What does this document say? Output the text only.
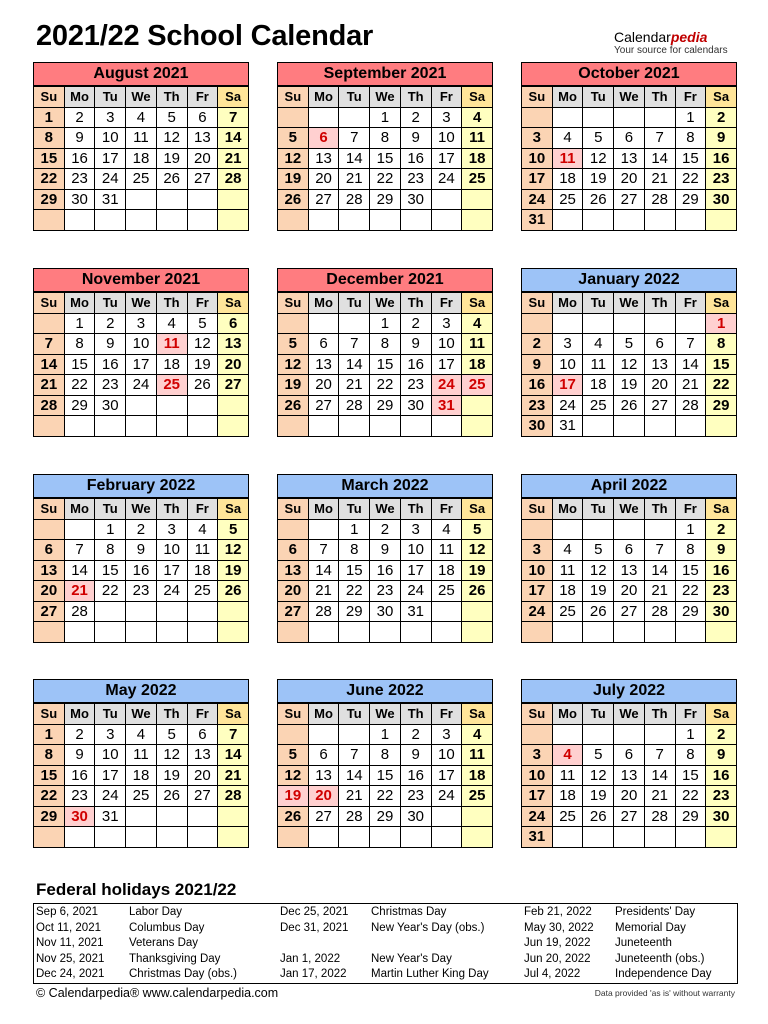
2021/22 School Calendar	Calendarpedia
Your source for calendars
August 2021
Su	Mo	Tu	We	Th	Fr	Sa
1	2	3	4	5	6	7
8	9	10	11	12	13	14
15	16	17	18	19	20	21
22	23	24	25	26	27	28
29	30	31				

September 2021
Su	Mo	Tu	We	Th	Fr	Sa
			1	2	3	4
5	6	7	8	9	10	11
12	13	14	15	16	17	18
19	20	21	22	23	24	25
26	27	28	29	30		

October 2021
Su	Mo	Tu	We	Th	Fr	Sa
					1	2
3	4	5	6	7	8	9
10	11	12	13	14	15	16
17	18	19	20	21	22	23
24	25	26	27	28	29	30
31						
November 2021
Su	Mo	Tu	We	Th	Fr	Sa
	1	2	3	4	5	6
7	8	9	10	11	12	13
14	15	16	17	18	19	20
21	22	23	24	25	26	27
28	29	30				

December 2021
Su	Mo	Tu	We	Th	Fr	Sa
			1	2	3	4
5	6	7	8	9	10	11
12	13	14	15	16	17	18
19	20	21	22	23	24	25
26	27	28	29	30	31	

January 2022
Su	Mo	Tu	We	Th	Fr	Sa
						1
2	3	4	5	6	7	8
9	10	11	12	13	14	15
16	17	18	19	20	21	22
23	24	25	26	27	28	29
30	31					
February 2022
Su	Mo	Tu	We	Th	Fr	Sa
		1	2	3	4	5
6	7	8	9	10	11	12
13	14	15	16	17	18	19
20	21	22	23	24	25	26
27	28					

March 2022
Su	Mo	Tu	We	Th	Fr	Sa
		1	2	3	4	5
6	7	8	9	10	11	12
13	14	15	16	17	18	19
20	21	22	23	24	25	26
27	28	29	30	31		

April 2022
Su	Mo	Tu	We	Th	Fr	Sa
					1	2
3	4	5	6	7	8	9
10	11	12	13	14	15	16
17	18	19	20	21	22	23
24	25	26	27	28	29	30

May 2022
Su	Mo	Tu	We	Th	Fr	Sa
1	2	3	4	5	6	7
8	9	10	11	12	13	14
15	16	17	18	19	20	21
22	23	24	25	26	27	28
29	30	31				

June 2022
Su	Mo	Tu	We	Th	Fr	Sa
			1	2	3	4
5	6	7	8	9	10	11
12	13	14	15	16	17	18
19	20	21	22	23	24	25
26	27	28	29	30		

July 2022
Su	Mo	Tu	We	Th	Fr	Sa
					1	2
3	4	5	6	7	8	9
10	11	12	13	14	15	16
17	18	19	20	21	22	23
24	25	26	27	28	29	30
31						
Federal holidays 2021/22
Sep 6, 2021	Labor Day
Oct 11, 2021 Columbus Day
Nov 11, 2021 Veterans Day
Nov 25, 2021 Thanksgiving Day
Dec 24, 2021 Christmas Day (obs.)
Dec 25, 2021 Christmas Day
Dec 31, 2021 New Year's Day (obs.)
Jan 1, 2022	New Year's Day
Jan 17, 2022 Martin Luther King Day
Feb 21, 2022 Presidents' Day
May 30, 2022 Memorial Day
Jun 19, 2022 Juneteenth
Jun 20, 2022 Juneteenth (obs.)
Jul 4, 2022	Independence Day
© Calendarpedia® www.calendarpedia.com	Data provided 'as is' without warranty
